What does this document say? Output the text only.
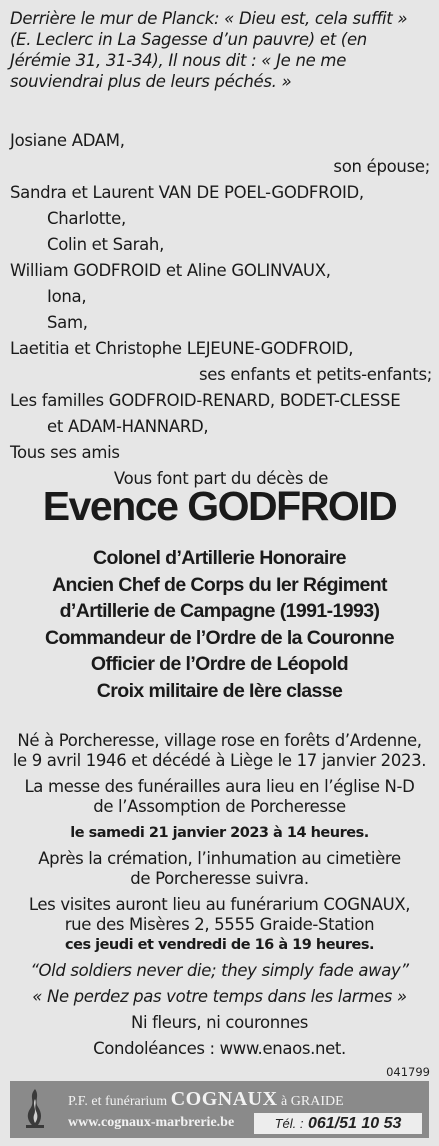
Derrière le mur de Planck: « Dieu est, cela suffit » (E. Leclerc in La Sagesse d’un pauvre) et (en Jérémie 31, 31-34), Il nous dit : « Je ne me souviendrai plus de leurs péchés. »
Josiane ADAM,
son épouse;
Sandra et Laurent VAN DE POEL-GODFROID,
Charlotte,
Colin et Sarah,
William GODFROID et Aline GOLINVAUX,
Iona,
Sam,
Laetitia et Christophe LEJEUNE-GODFROID,
ses enfants et petits-enfants;
Les familles GODFROID-RENARD, BODET-CLESSE
et ADAM-HANNARD,
Tous ses amis
Vous font part du décès de
Evence GODFROID
Colonel d’Artillerie Honoraire
Ancien Chef de Corps du Ier Régiment
d’Artillerie de Campagne (1991-1993)
Commandeur de l’Ordre de la Couronne
Officier de l’Ordre de Léopold
Croix militaire de Ière classe
Né à Porcheresse, village rose en forêts d’Ardenne,
le 9 avril 1946 et décédé à Liège le 17 janvier 2023.
La messe des funérailles aura lieu en l’église N-D
de l’Assomption de Porcheresse
le samedi 21 janvier 2023 à 14 heures.
Après la crémation, l’inhumation au cimetière
de Porcheresse suivra.
Les visites auront lieu au funérarium COGNAUX,
rue des Misères 2, 5555 Graide-Station
ces jeudi et vendredi de 16 à 19 heures.
“Old soldiers never die; they simply fade away”
« Ne perdez pas votre temps dans les larmes »
Ni fleurs, ni couronnes
Condoléances : www.enaos.net.
041799
P.F. et funérarium COGNAUX à GRAIDE
www.cognaux-marbrerie.be	Tél. : 061/51 10 53
